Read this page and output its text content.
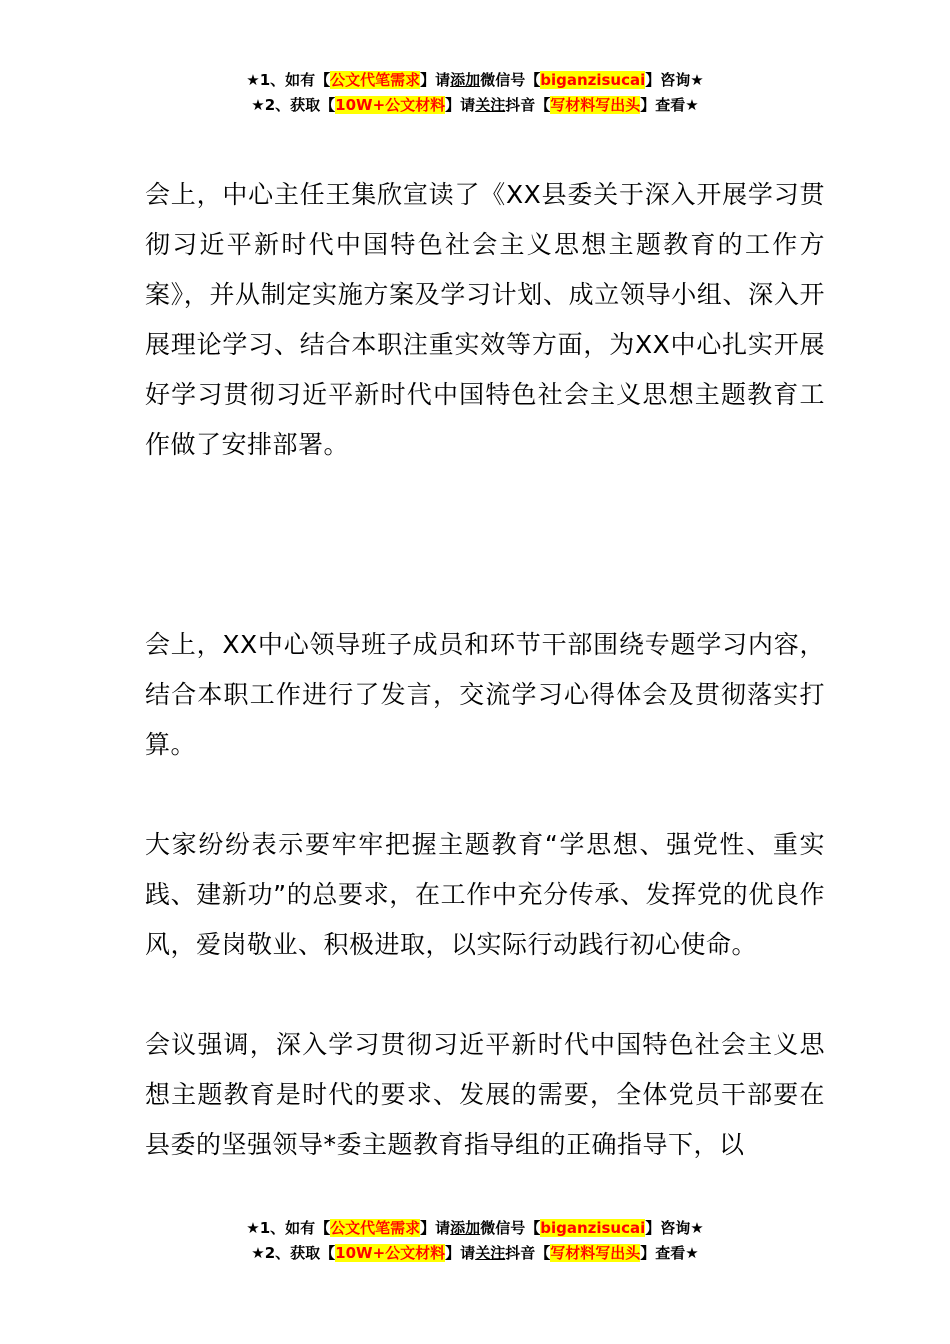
★1、如有【公文代笔需求】请添加微信号【biganzisucai】咨询★
★2、获取【10W+公文材料】请关注抖音【写材料写出头】查看★

会上，中心主任王集欣宣读了《XX县委关于深入开展学习贯彻习近平新时代中国特色社会主义思想主题教育的工作方案》，并从制定实施方案及学习计划、成立领导小组、深入开展理论学习、结合本职注重实效等方面，为XX中心扎实开展好学习贯彻习近平新时代中国特色社会主义思想主题教育工作做了安排部署。

会上，XX中心领导班子成员和环节干部围绕专题学习内容，结合本职工作进行了发言，交流学习心得体会及贯彻落实打算。

大家纷纷表示要牢牢把握主题教育“学思想、强党性、重实践、建新功”的总要求，在工作中充分传承、发挥党的优良作风，爱岗敬业、积极进取，以实际行动践行初心使命。

会议强调，深入学习贯彻习近平新时代中国特色社会主义思想主题教育是时代的要求、发展的需要，全体党员干部要在县委的坚强领导*委主题教育指导组的正确指导下，以

★1、如有【公文代笔需求】请添加微信号【biganzisucai】咨询★
★2、获取【10W+公文材料】请关注抖音【写材料写出头】查看★
